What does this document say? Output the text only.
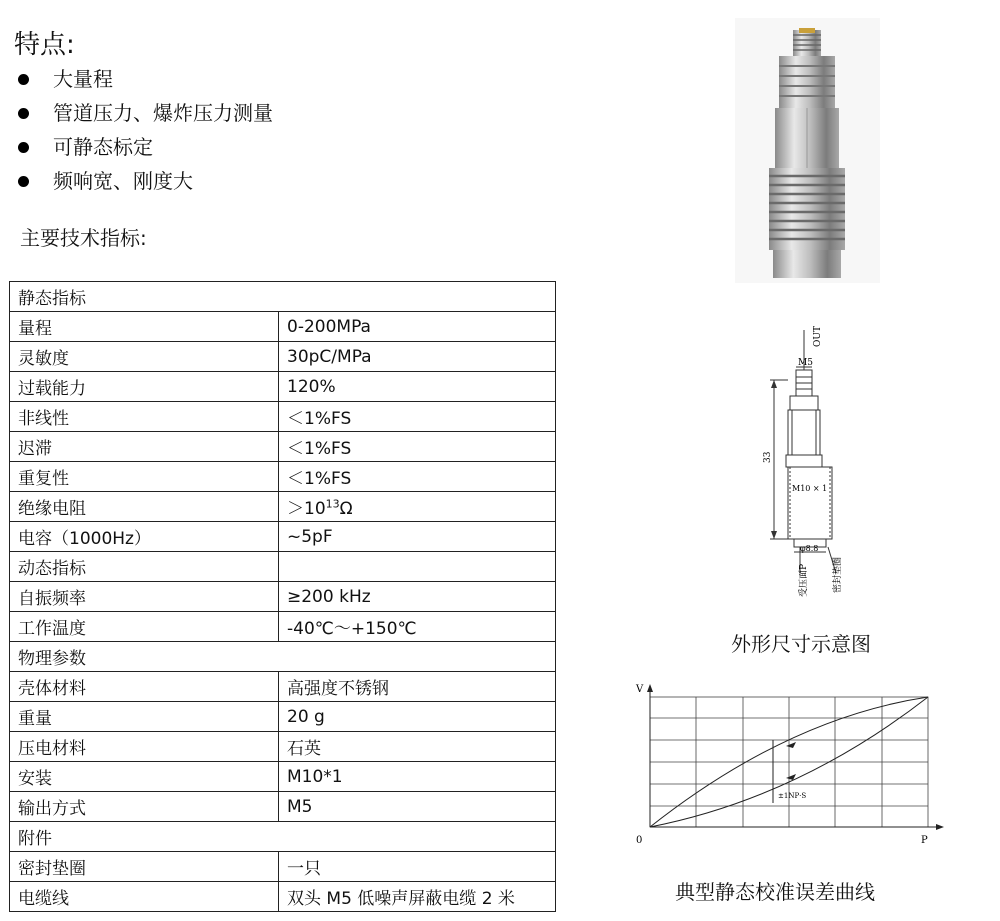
特点:
大量程
管道压力、爆炸压力测量
可静态标定
频响宽、刚度大
主要技术指标:
静态指标	
量程	0-200MPa
灵敏度	30pC/MPa
过载能力	120%
非线性	＜1%FS
迟滞	＜1%FS
重复性	＜1%FS
绝缘电阻	$>10^{13}\Omega$
电容（1000Hz）	~5pF
动态指标	
自振频率	≥200 kHz
工作温度	-40℃～+150℃
物理参数	
壳体材料	高强度不锈钢
重量	20 g
压电材料	石英
安装	M10*1
输出方式	M5
附件	
密封垫圈	一只
电缆线	双头 M5 低噪声屏蔽电缆 2 米
OUT
M5
33
M10 × 1
φ8.8
受压面P	密封垫圈
外形尺寸示意图
V
0	P
±1NP·S
典型静态校准误差曲线
